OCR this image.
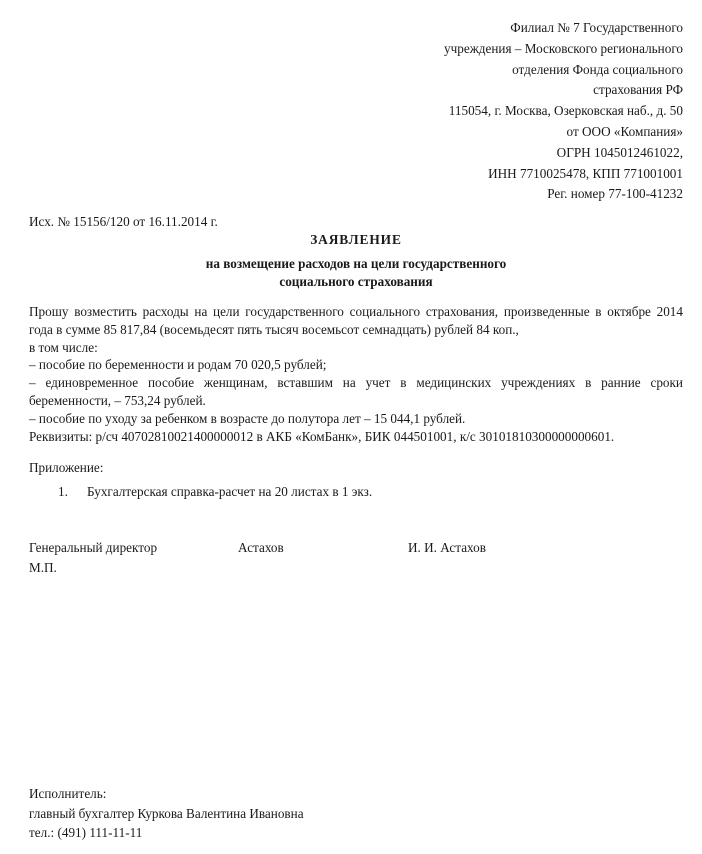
Филиал № 7 Государственного
учреждения – Московского регионального
отделения Фонда социального
страхования РФ
115054, г. Москва, Озерковская наб., д. 50
от ООО «Компания»
ОГРН 1045012461022,
ИНН 7710025478, КПП 771001001
Рег. номер 77-100-41232
Исх. № 15156/120 от 16.11.2014 г.
ЗАЯВЛЕНИЕ
на возмещение расходов на цели государственного
социального страхования

Прошу возместить расходы на цели государственного социального страхования, произведенные в октябре 2014 года в сумме 85 817,84 (восемьдесят пять тысяч восемьсот семнадцать) рублей 84 коп.,

в том числе:

– пособие по беременности и родам 70 020,5 рублей;

– единовременное пособие женщинам, вставшим на учет в медицинских учреждениях в ранние сроки беременности, – 753,24 рублей.

– пособие по уходу за ребенком в возрасте до полутора лет – 15 044,1 рублей.

Реквизиты: р/сч 40702810021400000012 в АКБ «КомБанк», БИК 044501001, к/с 30101810300000000601.

Приложение:
1. Бухгалтерская справка-расчет на 20 листах в 1 экз.
Генеральный директор	Астахов	И. И. Астахов
М.П.
Исполнитель:
главный бухгалтер Куркова Валентина Ивановна
тел.: (491) 111-11-11
